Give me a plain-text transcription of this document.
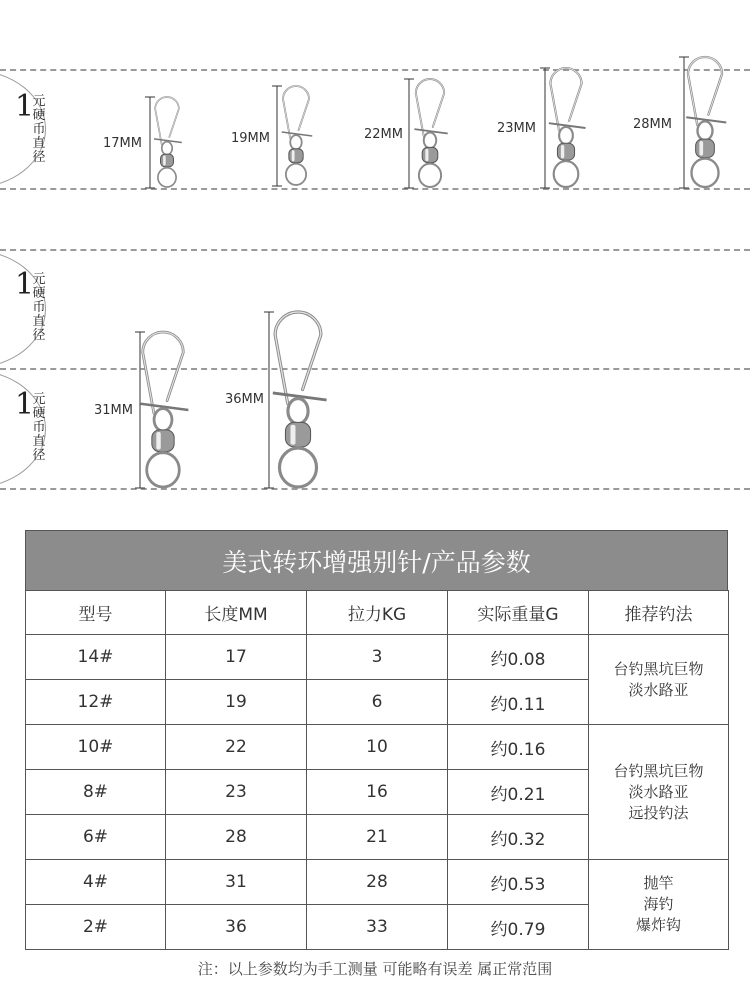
1
元硬币直径
1
元硬币直径
1
元硬币直径
17MM	19MM	22MM	23MM	28MM
31MM
36MM
美式转环增强别针/产品参数
型号	长度MM	拉力KG	实际重量G	推荐钓法
14#	17	3	约0.08	台钓黑坑巨物
淡水路亚

12#	19	6	约0.11	
10#	22	10	约0.16	台钓黑坑巨物
淡水路亚
远投钓法

8#	23	16	约0.21	
6#	28	21	约0.32	
4#	31	28	约0.53	抛竿
海钓
爆炸钩

2#	36	33	约0.79	
注：以上参数均为手工测量 可能略有误差 属正常范围
